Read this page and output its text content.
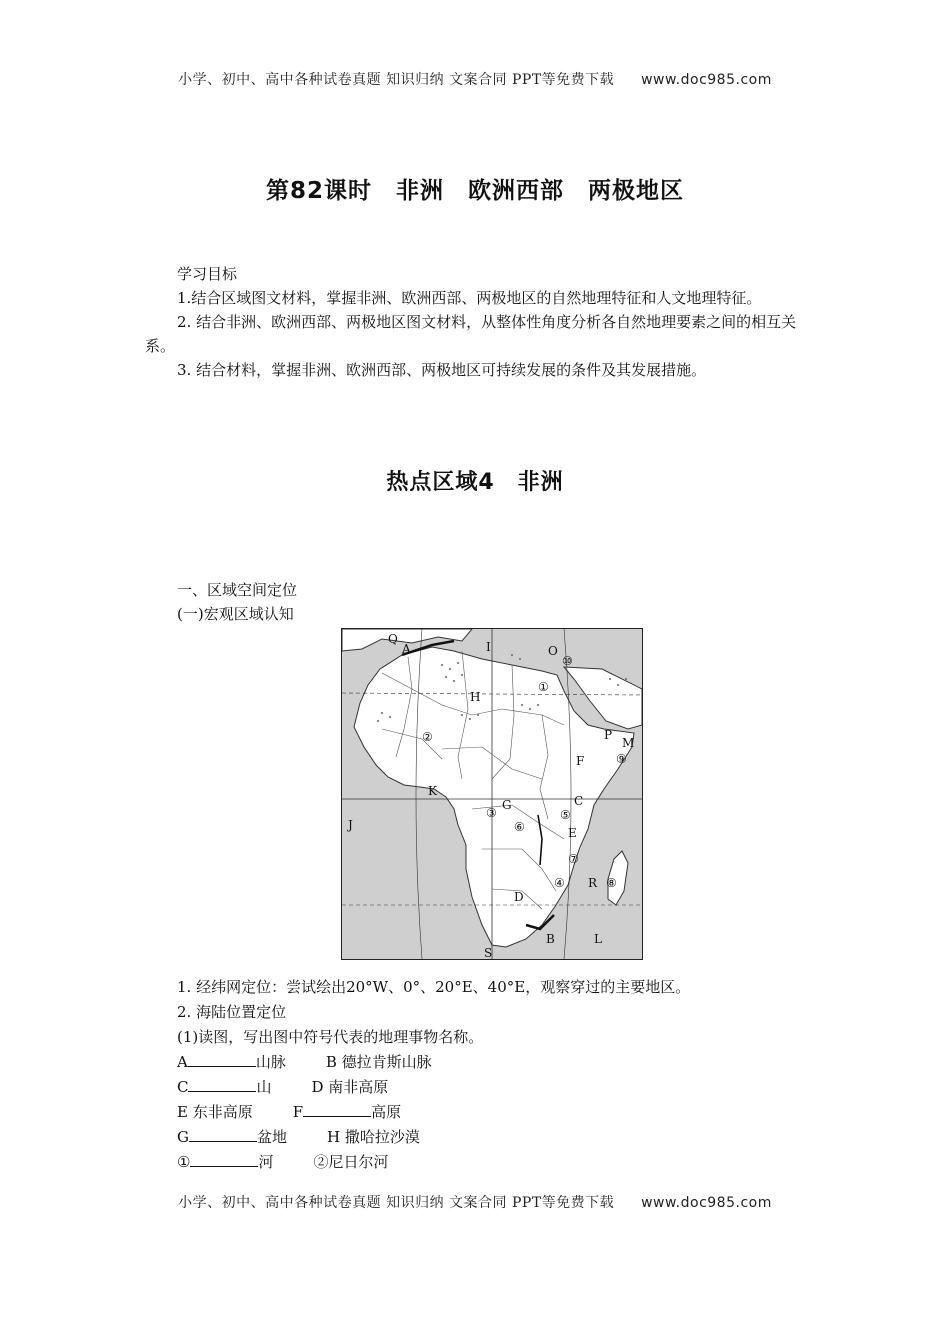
小学、初中、高中各种试卷真题 知识归纳 文案合同 PPT等免费下载 www.doc985.com
第82课时　非洲　欧洲西部　两极地区
学习目标
1.结合区域图文材料，掌握非洲、欧洲西部、两极地区的自然地理特征和人文地理特征。
2. 结合非洲、欧洲西部、两极地区图文材料，从整体性角度分析各自然地理要素之间的相互关系。
3. 结合材料，掌握非洲、欧洲西部、两极地区可持续发展的条件及其发展措施。
热点区域4　非洲
一、区域空间定位
(一)宏观区域认知
Q
A	I	O
H
P
M
F
K
G	C
E
J
R
D
B
S
L
①
②
③
④
⑤
⑥
⑦
⑧
⑨
⑩
1. 经纬网定位：尝试绘出20°W、0°、20°E、40°E，观察穿过的主要地区。
2. 海陆位置定位
(1)读图，写出图中符号代表的地理事物名称。
A	山脉	B 德拉肯斯山脉
C	山	D 南非高原
E 东非高原	F	高原
G	盆地	H 撒哈拉沙漠
①	河	②尼日尔河
小学、初中、高中各种试卷真题 知识归纳 文案合同 PPT等免费下载 www.doc985.com
